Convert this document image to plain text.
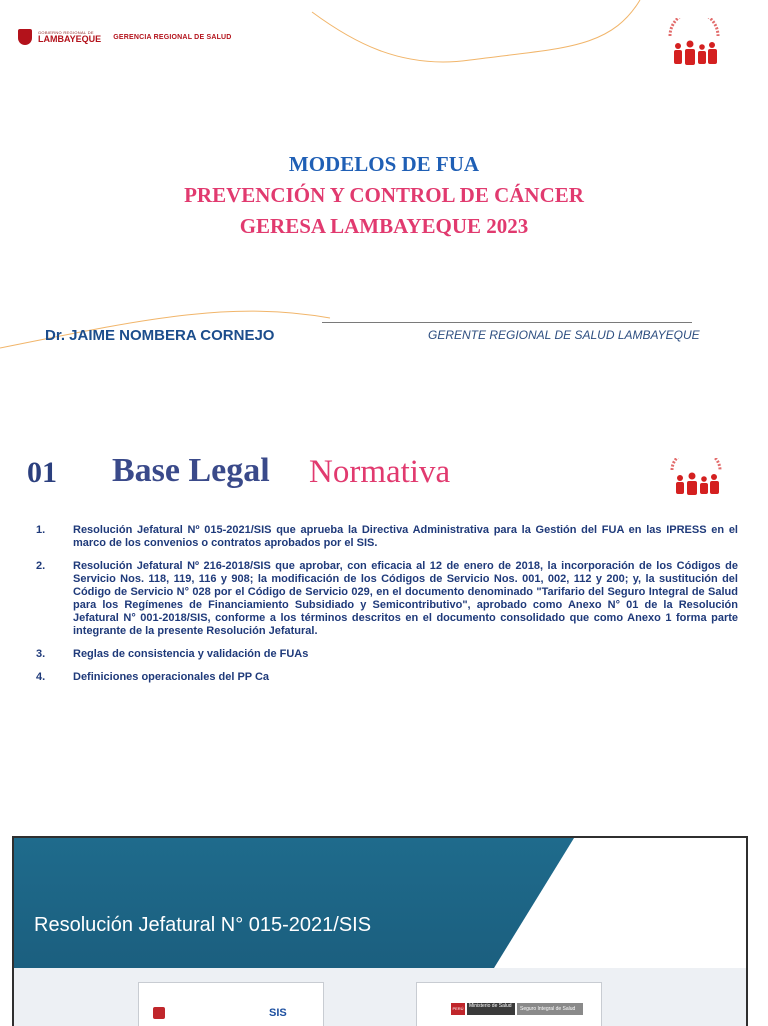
GOBIERNO REGIONAL DE
LAMBAYEQUE GERENCIA REGIONAL DE SALUD
MODELOS DE FUA
PREVENCIÓN Y CONTROL DE CÁNCER
GERESA LAMBAYEQUE 2023
Dr. JAIME NOMBERA CORNEJO	GERENTE REGIONAL DE SALUD LAMBAYEQUE
01 Base Legal Normativa
1.	Resolución Jefatural Nº 015-2021/SIS que aprueba la Directiva Administrativa para la Gestión del FUA en las IPRESS en el marco de los convenios o contratos aprobados por el SIS.
2.	Resolución Jefatural Nº 216-2018/SIS que aprobar, con eficacia al 12 de enero de 2018, la incorporación de los Códigos de Servicio Nos. 118, 119, 116 y 908; la modificación de los Códigos de Servicio Nos. 001, 002, 112 y 200; y, la sustitución del Código de Servicio N° 028 por el Código de Servicio 029, en el documento denominado "Tarifario del Seguro Integral de Salud para los Regímenes de Financiamiento Subsidiado y Semicontributivo", aprobado como Anexo N° 01 de la Resolución Jefatural N° 001-2018/SIS, conforme a los términos descritos en el documento consolidado que como Anexo 1 forma parte integrante de la presente Resolución Jefatural.
3.	Reglas de consistencia y validación de FUAs
4.	Definiciones operacionales del PP Ca
Resolución Jefatural N° 015-2021/SIS
SIS	PERÚ	Ministerio de Salud	Seguro Integral de Salud
